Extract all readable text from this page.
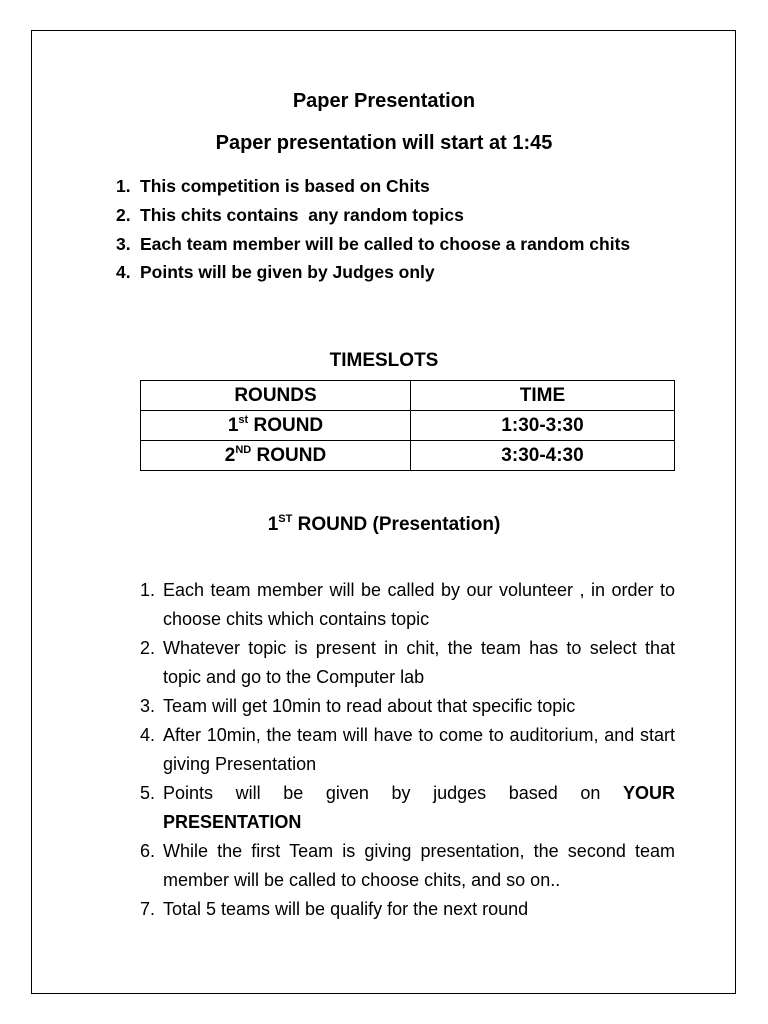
Paper Presentation
Paper presentation will start at 1:45
1. This competition is based on Chits
2. This chits contains  any random topics
3. Each team member will be called to choose a random chits
4. Points will be given by Judges only
TIMESLOTS
ROUNDS	TIME
1st ROUND	1:30-3:30
2ND ROUND	3:30-4:30
1ST ROUND (Presentation)
1. Each team member will be called by our volunteer , in order to choose chits which contains topic
2. Whatever topic is present in chit, the team has to select that topic and go to the Computer lab
3. Team will get 10min to read about that specific topic
4. After 10min, the team will have to come to auditorium, and start giving Presentation
5. Points will be given by judges based on YOUR PRESENTATION
6. While the first Team is giving presentation, the second team member will be called to choose chits, and so on..
7. Total 5 teams will be qualify for the next round
